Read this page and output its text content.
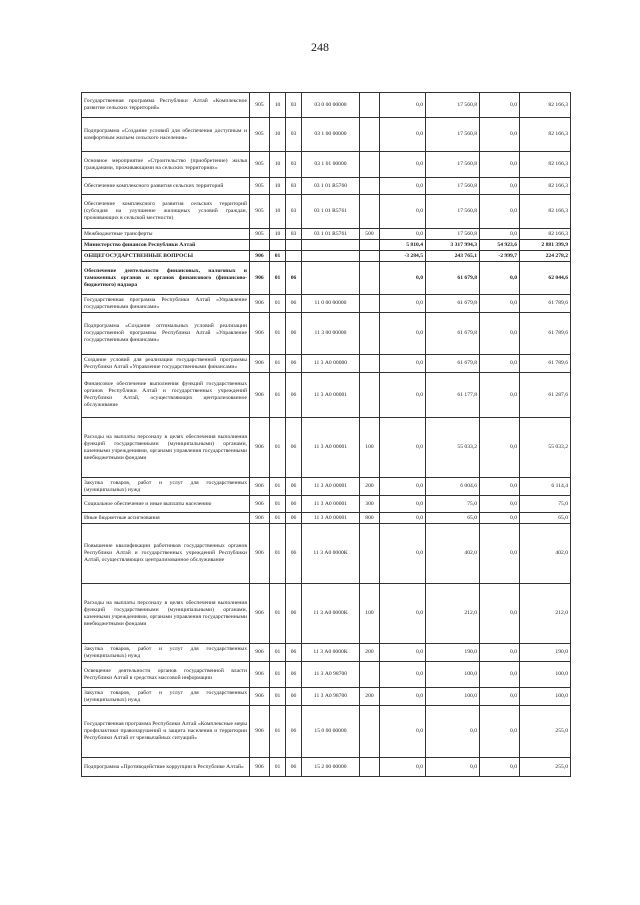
248
Государственная программа Республики Алтай «Комплексное развитие сельских территорий»	905	10	03	03 0 00 00000		0,0	17 560,8	0,0	82 166,3
Подпрограмма «Создание условий для обеспечения доступным и комфортным жильем сельского населения»	905	10	03	03 1 00 00000		0,0	17 560,8	0,0	82 166,3
Основное мероприятие «Строительство (приобретение) жилья гражданами, проживающими на сельских территориях»	905	10	03	03 1 01 00000		0,0	17 560,8	0,0	82 166,3
Обеспечение комплексного развития сельских территорий	905	10	03	03 1 01 R5760		0,0	17 560,8	0,0	82 166,3
Обеспечение комплексного развития сельских территорий (субсидия на улучшение жилищных условий граждан, проживающих в сельской местности)	905	10	03	03 1 01 R5761		0,0	17 560,8	0,0	82 166,3
Межбюджетные трансферты	905	10	03	03 1 01 R5761	500	0,0	17 560,8	0,0	82 166,3
Министерство финансов Республики Алтай						5 810,4	3 317 994,3	54 923,6	2 881 399,9
ОБЩЕГОСУДАРСТВЕННЫЕ ВОПРОСЫ	906	01				-3 284,5	243 765,1	-2 999,7	224 278,2
Обеспечение деятельности финансовых, налоговых и таможенных органов и органов финансового (финансово-бюджетного) надзора	906	01	06			0,0	61 679,8	0,0	62 044,6
Государственная программа Республики Алтай «Управление государственными финансами»	906	01	06	11 0 00 00000		0,0	61 679,8	0,0	61 789,6
Подпрограмма «Создание оптимальных условий реализации государственной программы Республики Алтай «Управление государственными финансами»	906	01	06	11 3 00 00000		0,0	61 679,8	0,0	61 789,6
Создание условий для реализации государственной программы Республики Алтай «Управление государственными финансами»	906	01	06	11 3 А0 00000		0,0	61 679,8	0,0	61 789,6
Финансовое обеспечение выполнения функций государственных органов Республики Алтай и государственных учреждений Республики Алтай, осуществляющих централизованное обслуживание	906	01	06	11 3 А0 00001		0,0	61 177,8	0,0	61 287,6
Расходы на выплаты персоналу в целях обеспечения выполнения функций государственными (муниципальными) органами, казенными учреждениями, органами управления государственными внебюджетными фондами	906	01	06	11 3 А0 00001	100	0,0	55 033,2	0,0	55 033,2
Закупка товаров, работ и услуг для государственных (муниципальных) нужд	906	01	06	11 3 А0 00001	200	0,0	6 004,6	0,0	6 114,4
Социальное обеспечение и иные выплаты населению	906	01	06	11 3 А0 00001	300	0,0	75,0	0,0	75,0
Иные бюджетные ассигнования	906	01	06	11 3 А0 00001	800	0,0	65,0	0,0	65,0
Повышение квалификации работников государственных органов Республики Алтай и государственных учреждений Республики Алтай, осуществляющих централизованное обслуживание	906	01	06	11 3 А0 0000К		0,0	402,0	0,0	402,0
Расходы на выплаты персоналу в целях обеспечения выполнения функций государственными (муниципальными) органами, казенными учреждениями, органами управления государственными внебюджетными фондами	906	01	06	11 3 А0 0000К	100	0,0	212,0	0,0	212,0
Закупка товаров, работ и услуг для государственных (муниципальных) нужд	906	01	06	11 3 А0 0000К	200	0,0	190,0	0,0	190,0
Освещение деятельности органов государственной власти Республики Алтай в средствах массовой информации	906	01	06	11 3 А0 98700		0,0	100,0	0,0	100,0
Закупка товаров, работ и услуг для государственных (муниципальных) нужд	906	01	06	11 3 А0 98700	200	0,0	100,0	0,0	100,0
Государственная программа Республики Алтай «Комплексные меры профилактики правонарушений и защита населения и территории Республики Алтай от чрезвычайных ситуаций»	906	01	06	15 0 00 00000		0,0	0,0	0,0	255,0
Подпрограмма «Противодействие коррупции в Республике Алтай»	906	01	06	15 2 00 00000		0,0	0,0	0,0	255,0
